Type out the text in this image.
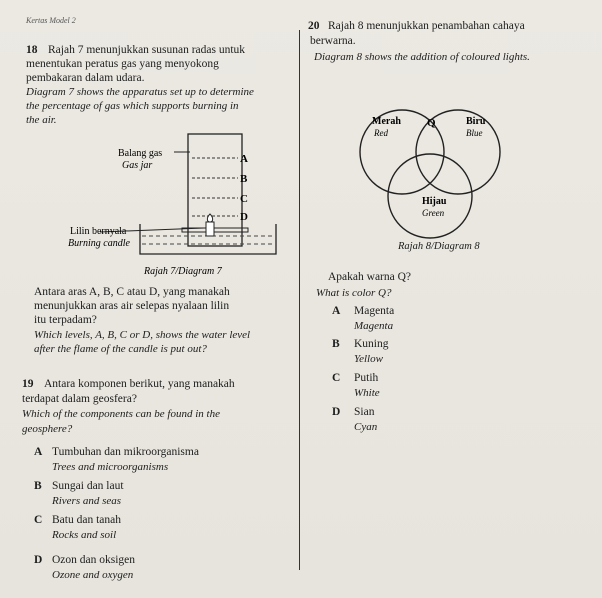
Kertas Model 2
18 Rajah 7 menunjukkan susunan radas untuk
menentukan peratus gas yang menyokong
pembakaran dalam udara.
Diagram 7 shows the apparatus set up to determine
the percentage of gas which supports burning in
the air.
A
B
C
D
Balang gas
Gas jar
Lilin bernyala
Burning candle
Rajah 7/Diagram 7
Antara aras A, B, C atau D, yang manakah
menunjukkan aras air selepas nyalaan lilin
itu terpadam?
Which levels, A, B, C or D, shows the water level
after the flame of the candle is put out?
19 Antara komponen berikut, yang manakah
terdapat dalam geosfera?
Which of the components can be found in the
geosphere?
A Tumbuhan dan mikroorganisma
Trees and microorganisms
B Sungai dan laut
Rivers and seas
C Batu dan tanah
Rocks and soil
D Ozon dan oksigen
Ozone and oxygen
20 Rajah 8 menunjukkan penambahan cahaya
berwarna.
Diagram 8 shows the addition of coloured lights.
Merah
Red
Biru
Blue
Q
Hijau
Green
Rajah 8/Diagram 8
Apakah warna Q?
What is color Q?
A Magenta
Magenta
B Kuning
Yellow
C Putih
White
D Sian
Cyan
